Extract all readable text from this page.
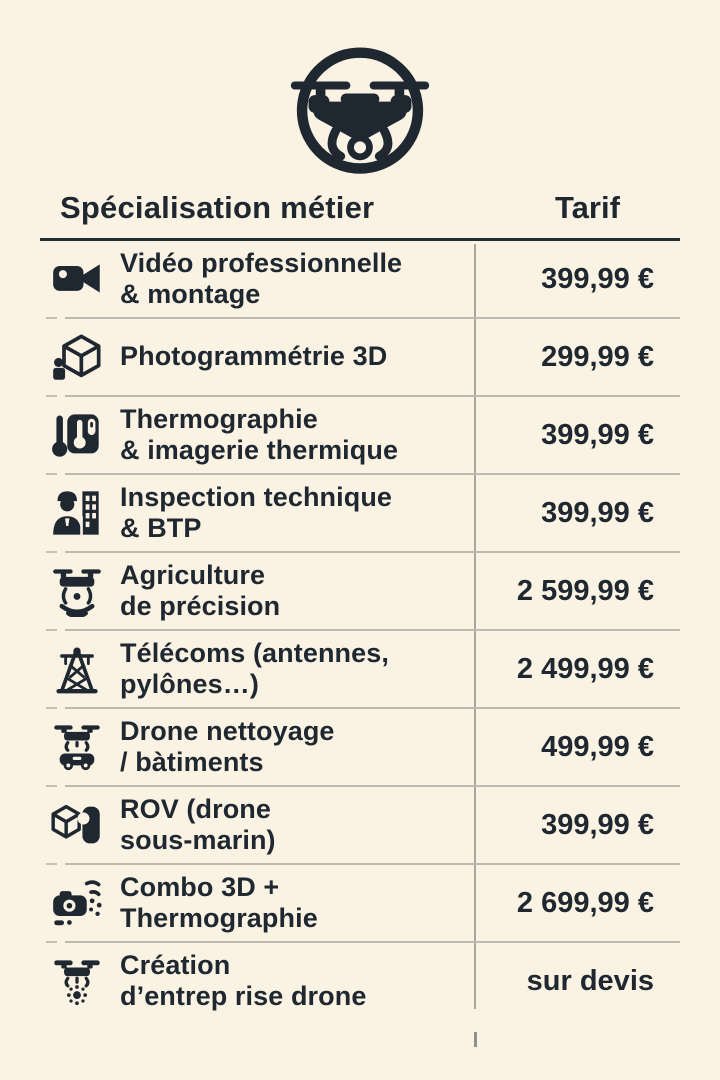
Spécialisation métier	Tarif
Vidéo professionnelle
& montage	399,99 €
Photogrammétrie 3D	299,99 €
Thermographie
& imagerie thermique	399,99 €
Inspection technique
& BTP	399,99 €
Agriculture
de précision	2 599,99 €
Télécoms (antennes,
pylônes…)	2 499,99 €
Drone nettoyage
/ bàtiments	499,99 €
ROV (drone
sous-marin)	399,99 €
Combo 3D +
Thermographie	2 699,99 €
Création
d’entrep rise drone	sur devis
